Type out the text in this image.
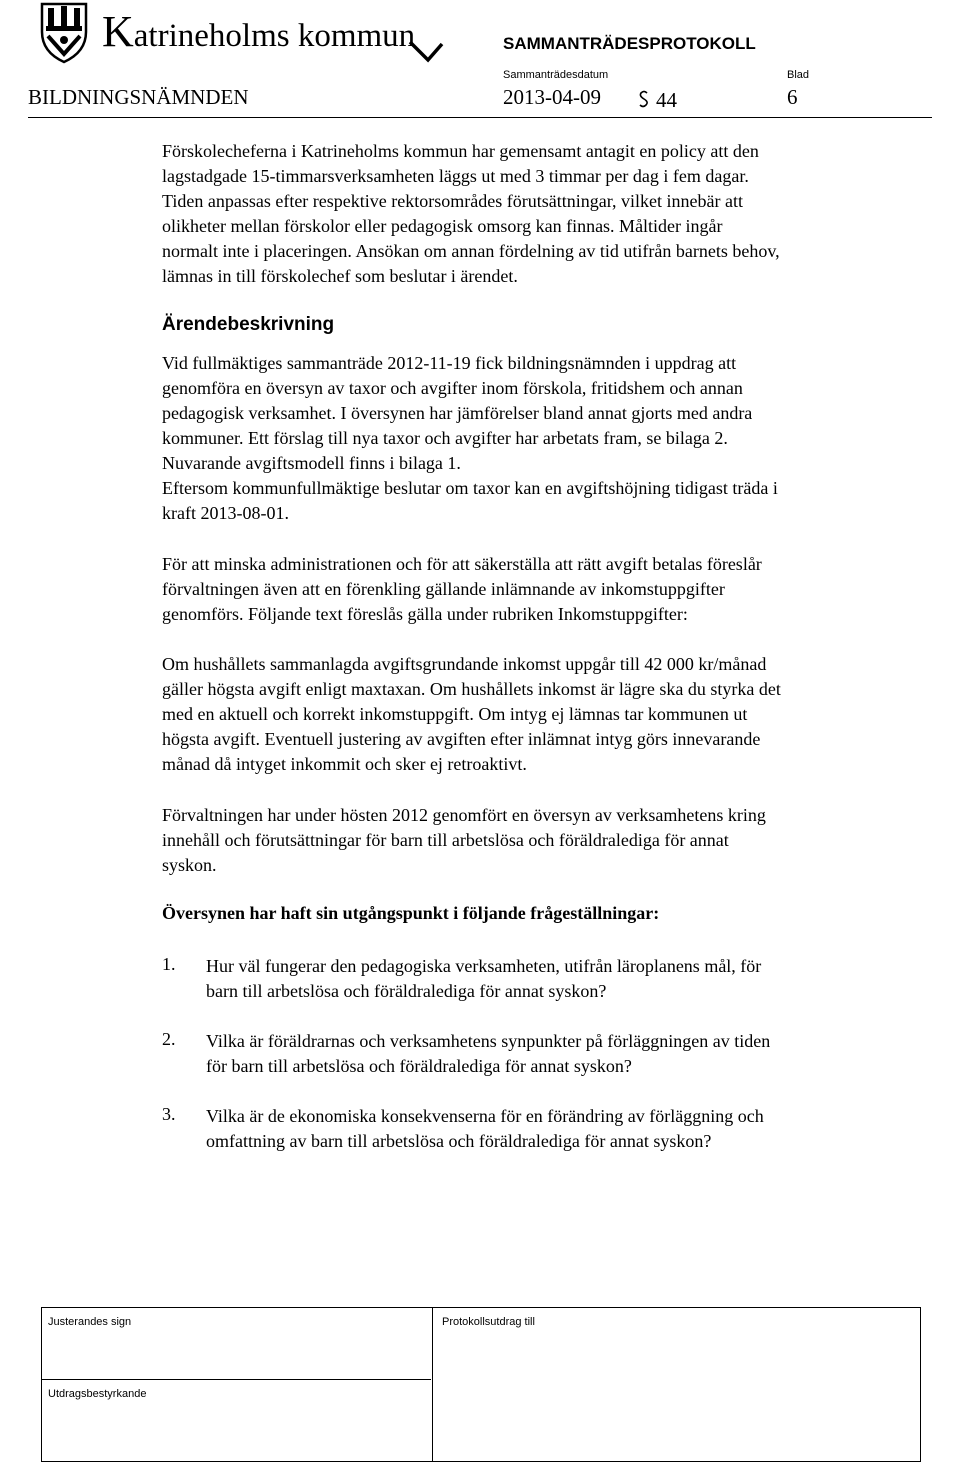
Katrineholms kommun	SAMMANTRÄDESPROTOKOLL
Sammanträdesdatum	Blad
BILDNINGSNÄMNDEN	2013-04-09	44	6
Förskolecheferna i Katrineholms kommun har gemensamt antagit en policy att den
lagstadgade 15-timmarsverksamheten läggs ut med 3 timmar per dag i fem dagar.
Tiden anpassas efter respektive rektorsområdes förutsättningar, vilket innebär att
olikheter mellan förskolor eller pedagogisk omsorg kan finnas. Måltider ingår
normalt inte i placeringen. Ansökan om annan fördelning av tid utifrån barnets behov,
lämnas in till förskolechef som beslutar i ärendet.
Ärendebeskrivning
Vid fullmäktiges sammanträde 2012-11-19 fick bildningsnämnden i uppdrag att
genomföra en översyn av taxor och avgifter inom förskola, fritidshem och annan
pedagogisk verksamhet. I översynen har jämförelser bland annat gjorts med andra
kommuner. Ett förslag till nya taxor och avgifter har arbetats fram, se bilaga 2.
Nuvarande avgiftsmodell finns i bilaga 1.
Eftersom kommunfullmäktige beslutar om taxor kan en avgiftshöjning tidigast träda i
kraft 2013-08-01.
För att minska administrationen och för att säkerställa att rätt avgift betalas föreslår
förvaltningen även att en förenkling gällande inlämnande av inkomstuppgifter
genomförs. Följande text föreslås gälla under rubriken Inkomstuppgifter:
Om hushållets sammanlagda avgiftsgrundande inkomst uppgår till 42 000 kr/månad
gäller högsta avgift enligt maxtaxan. Om hushållets inkomst är lägre ska du styrka det
med en aktuell och korrekt inkomstuppgift. Om intyg ej lämnas tar kommunen ut
högsta avgift. Eventuell justering av avgiften efter inlämnat intyg görs innevarande
månad då intyget inkommit och sker ej retroaktivt.
Förvaltningen har under hösten 2012 genomfört en översyn av verksamhetens kring
innehåll och förutsättningar för barn till arbetslösa och föräldralediga för annat
syskon.
Översynen har haft sin utgångspunkt i följande frågeställningar:
1. Hur väl fungerar den pedagogiska verksamheten, utifrån läroplanens mål, för
barn till arbetslösa och föräldralediga för annat syskon?
2. Vilka är föräldrarnas och verksamhetens synpunkter på förläggningen av tiden
för barn till arbetslösa och föräldralediga för annat syskon?
3. Vilka är de ekonomiska konsekvenserna för en förändring av förläggning och
omfattning av barn till arbetslösa och föräldralediga för annat syskon?
Justerandes sign	Protokollsutdrag till
Utdragsbestyrkande
